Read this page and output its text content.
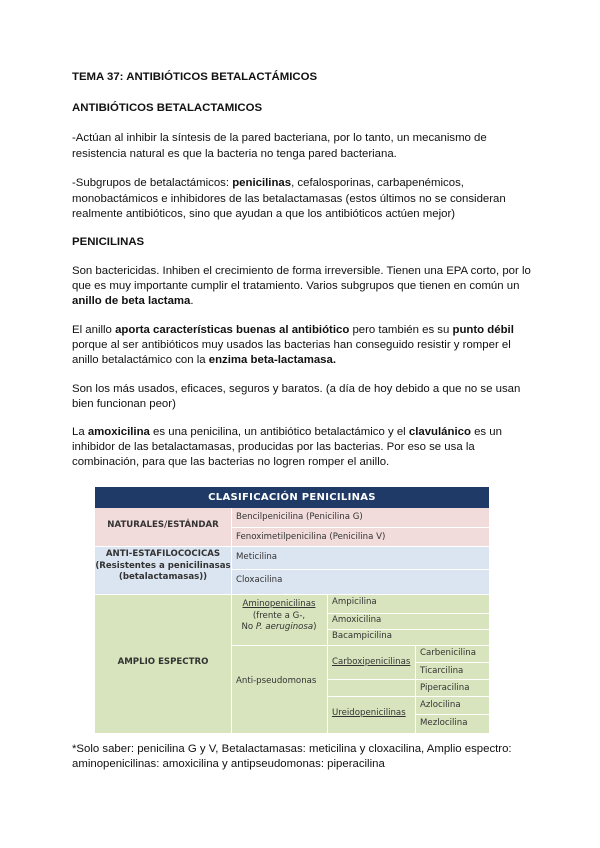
TEMA 37: ANTIBIÓTICOS BETALACTÁMICOS
ANTIBIÓTICOS BETALACTAMICOS
-Actúan al inhibir la síntesis de la pared bacteriana, por lo tanto, un mecanismo de
resistencia natural es que la bacteria no tenga pared bacteriana.
-Subgrupos de betalactámicos: penicilinas, cefalosporinas, carbapenémicos,
monobactámicos e inhibidores de las betalactamasas (estos últimos no se consideran
realmente antibióticos, sino que ayudan a que los antibióticos actúen mejor)
PENICILINAS
Son bactericidas. Inhiben el crecimiento de forma irreversible. Tienen una EPA corto, por lo
que es muy importante cumplir el tratamiento. Varios subgrupos que tienen en común un
anillo de beta lactama.
El anillo aporta características buenas al antibiótico pero también es su punto débil
porque al ser antibióticos muy usados las bacterias han conseguido resistir y romper el
anillo betalactámico con la enzima beta-lactamasa.
Son los más usados, eficaces, seguros y baratos. (a día de hoy debido a que no se usan
bien funcionan peor)
La amoxicilina es una penicilina, un antibiótico betalactámico y el clavulánico es un
inhibidor de las betalactamasas, producidas por las bacterias. Por eso se usa la
combinación, para que las bacterias no logren romper el anillo.
CLASIFICACIÓN PENICILINAS
NATURALES/ESTÁNDAR
Bencilpenicilina (Penicilina G)
Fenoximetilpenicilina (Penicilina V)
ANTI-ESTAFILOCOCICAS
(Resistentes a penicilinasas
(betalactamasas))
Meticilina
Cloxacilina
AMPLIO ESPECTRO
Aminopenicilinas
(frente a G-,
No P. aeruginosa)
Ampicilina
Amoxicilina
Bacampicilina
Anti-pseudomonas
Carboxipenicilinas
Carbenicilina
Ticarcilina
Piperacilina
Ureidopenicilinas
Azlocilina
Mezlocilina
*Solo saber: penicilina G y V, Betalactamasas: meticilina y cloxacilina, Amplio espectro:
aminopenicilinas: amoxicilina y antipseudomonas: piperacilina
